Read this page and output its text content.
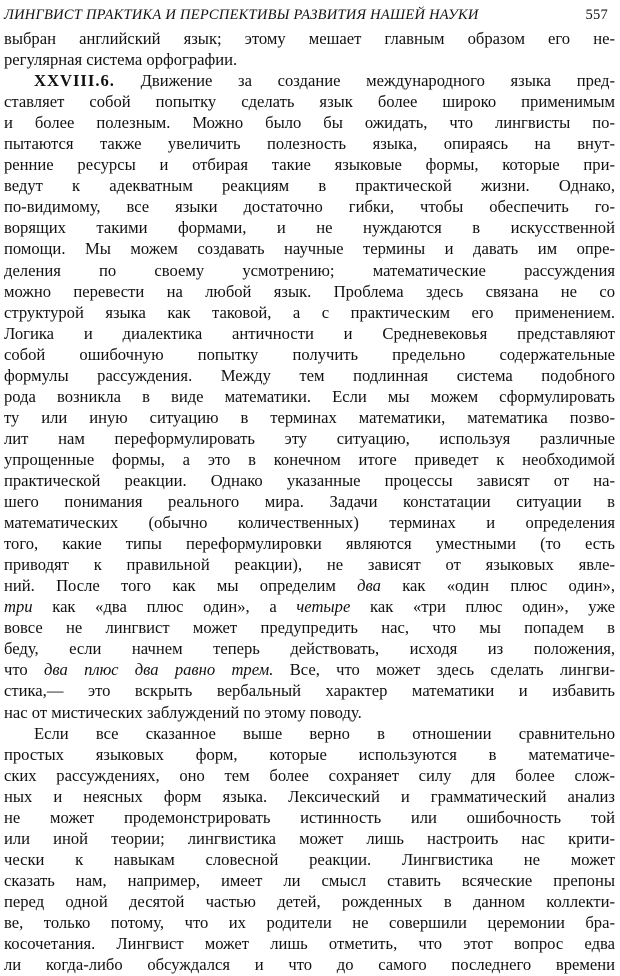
ЛИНГВИСТ ПРАКТИКА И ПЕРСПЕКТИВЫ РАЗВИТИЯ НАШЕЙ НАУКИ	557
выбран английский язык; этому мешает главным образом его не-
регулярная система орфографии.
XXVIII.6. Движение за создание международного языка пред-
ставляет собой попытку сделать язык более широко применимым
и более полезным. Можно было бы ожидать, что лингвисты по-
пытаются также увеличить полезность языка, опираясь на внут-
ренние ресурсы и отбирая такие языковые формы, которые при-
ведут к адекватным реакциям в практической жизни. Однако,
по-видимому, все языки достаточно гибки, чтобы обеспечить го-
ворящих такими формами, и не нуждаются в искусственной
помощи. Мы можем создавать научные термины и давать им опре-
деления по своему усмотрению; математические рассуждения
можно перевести на любой язык. Проблема здесь связана не со
структурой языка как таковой, а с практическим его применением.
Логика и диалектика античности и Средневековья представляют
собой ошибочную попытку получить предельно содержательные
формулы рассуждения. Между тем подлинная система подобного
рода возникла в виде математики. Если мы можем сформулировать
ту или иную ситуацию в терминах математики, математика позво-
лит нам переформулировать эту ситуацию, используя различные
упрощенные формы, а это в конечном итоге приведет к необходимой
практической реакции. Однако указанные процессы зависят от на-
шего понимания реального мира. Задачи констатации ситуации в
математических (обычно количественных) терминах и определения
того, какие типы переформулировки являются уместными (то есть
приводят к правильной реакции), не зависят от языковых явле-
ний. После того как мы определим два как «один плюс один»,
три как «два плюс один», а четыре как «три плюс один», уже
вовсе не лингвист может предупредить нас, что мы попадем в
беду, если начнем теперь действовать, исходя из положения,
что два плюс два равно трем. Все, что может здесь сделать лингви-
стика,— это вскрыть вербальный характер математики и избавить
нас от мистических заблуждений по этому поводу.
Если все сказанное выше верно в отношении сравнительно
простых языковых форм, которые используются в математиче-
ских рассуждениях, оно тем более сохраняет силу для более слож-
ных и неясных форм языка. Лексический и грамматический анализ
не может продемонстрировать истинность или ошибочность той
или иной теории; лингвистика может лишь настроить нас крити-
чески к навыкам словесной реакции. Лингвистика не может
сказать нам, например, имеет ли смысл ставить всяческие препоны
перед одной десятой частью детей, рожденных в данном коллекти-
ве, только потому, что их родители не совершили церемонии бра-
косочетания. Лингвист может лишь отметить, что этот вопрос едва
ли когда-либо обсуждался и что до самого последнего времени
